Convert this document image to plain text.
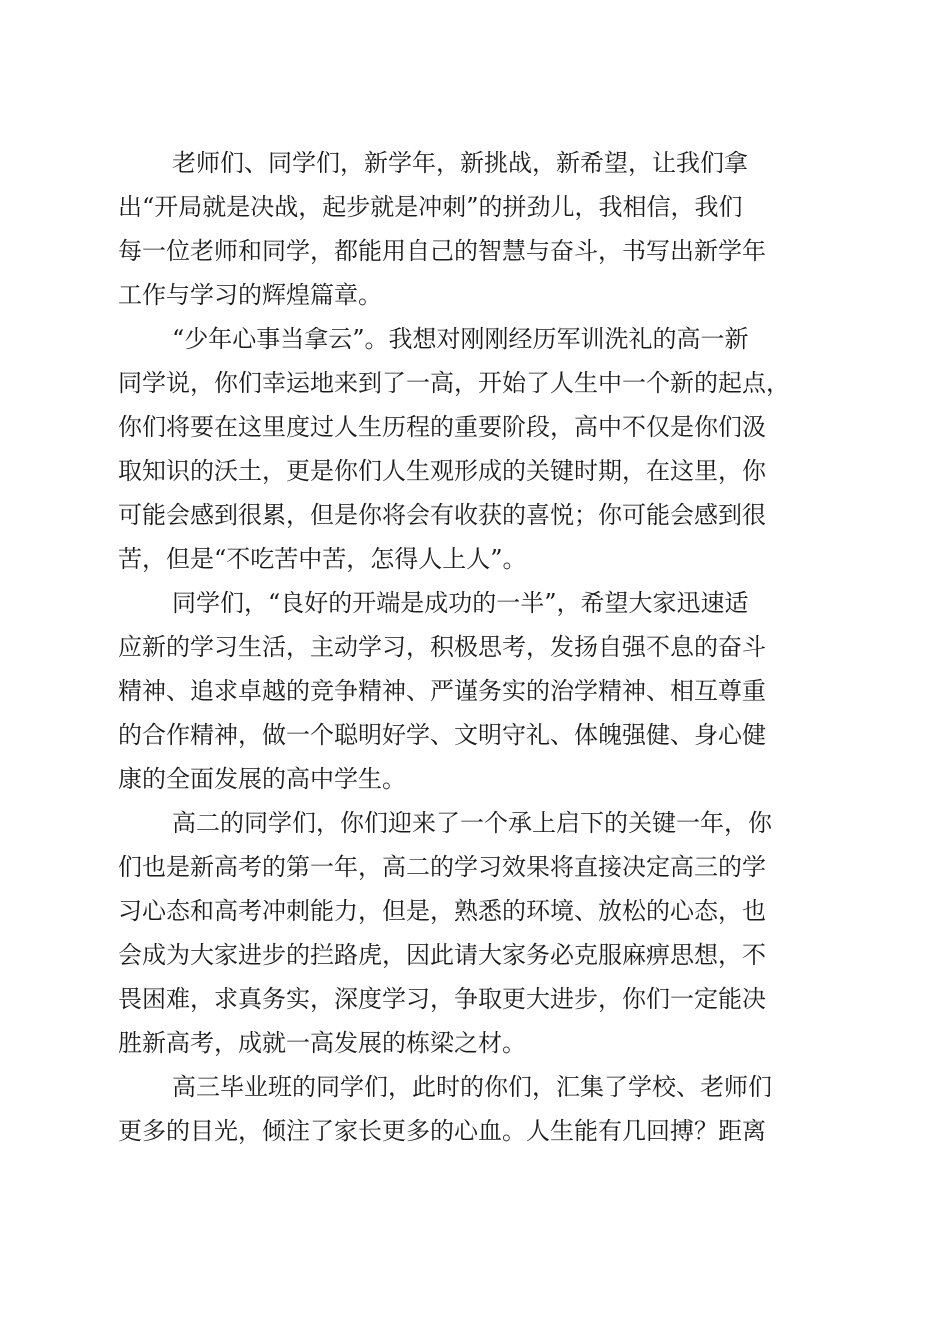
老师们、同学们，新学年，新挑战，新希望，让我们拿
出“开局就是决战，起步就是冲刺”的拼劲儿，我相信，我们
每一位老师和同学，都能用自己的智慧与奋斗，书写出新学年
工作与学习的辉煌篇章。
“少年心事当拿云”。我想对刚刚经历军训洗礼的高一新
同学说，你们幸运地来到了一高，开始了人生中一个新的起点，
你们将要在这里度过人生历程的重要阶段，高中不仅是你们汲
取知识的沃土，更是你们人生观形成的关键时期，在这里，你
可能会感到很累，但是你将会有收获的喜悦；你可能会感到很
苦，但是“不吃苦中苦，怎得人上人”。
同学们，“良好的开端是成功的一半”，希望大家迅速适
应新的学习生活，主动学习，积极思考，发扬自强不息的奋斗
精神、追求卓越的竞争精神、严谨务实的治学精神、相互尊重
的合作精神，做一个聪明好学、文明守礼、体魄强健、身心健
康的全面发展的高中学生。
高二的同学们，你们迎来了一个承上启下的关键一年，你
们也是新高考的第一年，高二的学习效果将直接决定高三的学
习心态和高考冲刺能力，但是，熟悉的环境、放松的心态，也
会成为大家进步的拦路虎，因此请大家务必克服麻痹思想，不
畏困难，求真务实，深度学习，争取更大进步，你们一定能决
胜新高考，成就一高发展的栋梁之材。
高三毕业班的同学们，此时的你们，汇集了学校、老师们
更多的目光，倾注了家长更多的心血。人生能有几回搏？距离
